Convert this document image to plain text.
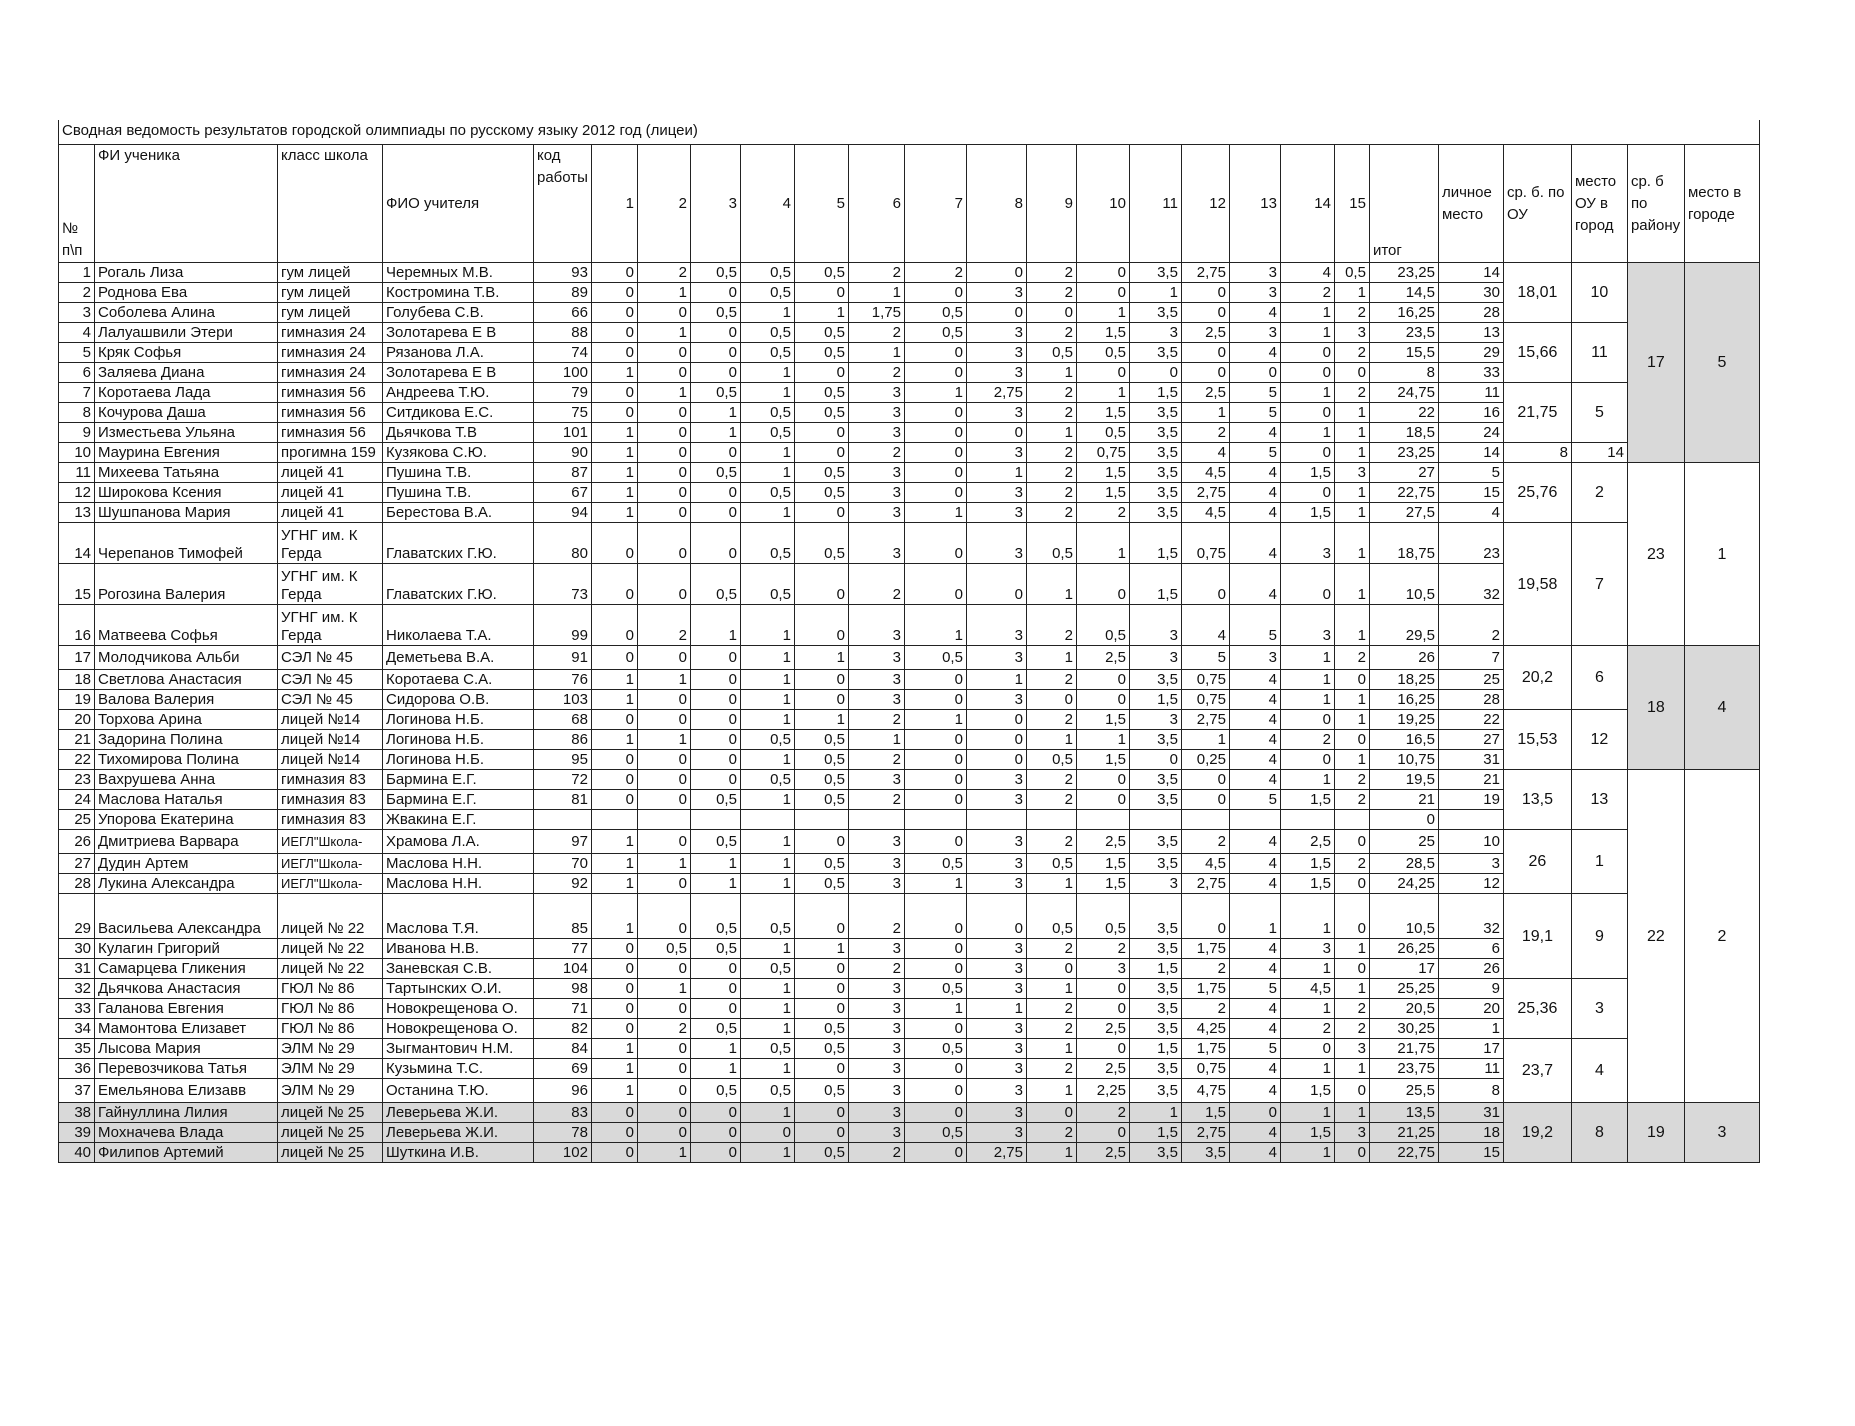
Сводная ведомость результатов городской олимпиады по русскому языку 2012 год (лицеи)																									
№ п\п	ФИ ученика	класс школа	ФИО учителя	код работы	1	2	3	4	5	6	7	8	9	10	11	12	13	14	15	итог	личное место	ср. б. по ОУ	место ОУ в город	ср. б по району	место в городе
1	Рогаль Лиза	гум лицей	Черемных М.В.	93	0	2	0,5	0,5	0,5	2	2	0	2	0	3,5	2,75	3	4	0,5	23,25	14	18,01	10	17	5
2	Роднова Ева	гум лицей	Костромина Т.В.	89	0	1	0	0,5	0	1	0	3	2	0	1	0	3	2	1	14,5	30				
3	Соболева Алина	гум лицей	Голубева С.В.	66	0	0	0,5	1	1	1,75	0,5	0	0	1	3,5	0	4	1	2	16,25	28				
4	Лалуашвили Этери	гимназия 24	Золотарева Е В	88	0	1	0	0,5	0,5	2	0,5	3	2	1,5	3	2,5	3	1	3	23,5	13	15,66	11		
5	Кряк Софья	гимназия 24	Рязанова Л.А.	74	0	0	0	0,5	0,5	1	0	3	0,5	0,5	3,5	0	4	0	2	15,5	29				
6	Заляева Диана	гимназия 24	Золотарева Е В	100	1	0	0	1	0	2	0	3	1	0	0	0	0	0	0	8	33				
7	Коротаева Лада	гимназия 56	Андреева Т.Ю.	79	0	1	0,5	1	0,5	3	1	2,75	2	1	1,5	2,5	5	1	2	24,75	11	21,75	5		
8	Кочурова Даша	гимназия 56	Ситдикова Е.С.	75	0	0	1	0,5	0,5	3	0	3	2	1,5	3,5	1	5	0	1	22	16				
9	Изместьева Ульяна	гимназия 56	Дьячкова Т.В	101	1	0	1	0,5	0	3	0	0	1	0,5	3,5	2	4	1	1	18,5	24				
10	Маурина Евгения	прогимна 159	Кузякова С.Ю.	90	1	0	0	1	0	2	0	3	2	0,75	3,5	4	5	0	1	23,25	14	8	14		
11	Михеева Татьяна	лицей 41	Пушина Т.В.	87	1	0	0,5	1	0,5	3	0	1	2	1,5	3,5	4,5	4	1,5	3	27	5	25,76	2	23	1
12	Широкова Ксения	лицей 41	Пушина Т.В.	67	1	0	0	0,5	0,5	3	0	3	2	1,5	3,5	2,75	4	0	1	22,75	15				
13	Шушпанова Мария	лицей 41	Берестова В.А.	94	1	0	0	1	0	3	1	3	2	2	3,5	4,5	4	1,5	1	27,5	4				
14	Черепанов Тимофей	УГНГ им. К Герда	Главатских Г.Ю.	80	0	0	0	0,5	0,5	3	0	3	0,5	1	1,5	0,75	4	3	1	18,75	23	19,58	7		
15	Рогозина Валерия	УГНГ им. К Герда	Главатских Г.Ю.	73	0	0	0,5	0,5	0	2	0	0	1	0	1,5	0	4	0	1	10,5	32				
16	Матвеева Софья	УГНГ им. К Герда	Николаева Т.А.	99	0	2	1	1	0	3	1	3	2	0,5	3	4	5	3	1	29,5	2				
17	Молодчикова Альби	СЭЛ № 45	Деметьева В.А.	91	0	0	0	1	1	3	0,5	3	1	2,5	3	5	3	1	2	26	7	20,2	6	18	4
18	Светлова Анастасия	СЭЛ № 45	Коротаева С.А.	76	1	1	0	1	0	3	0	1	2	0	3,5	0,75	4	1	0	18,25	25				
19	Валова Валерия	СЭЛ № 45	Сидорова О.В.	103	1	0	0	1	0	3	0	3	0	0	1,5	0,75	4	1	1	16,25	28				
20	Торхова Арина	лицей №14	Логинова Н.Б.	68	0	0	0	1	1	2	1	0	2	1,5	3	2,75	4	0	1	19,25	22	15,53	12		
21	Задорина Полина	лицей №14	Логинова Н.Б.	86	1	1	0	0,5	0,5	1	0	0	1	1	3,5	1	4	2	0	16,5	27				
22	Тихомирова Полина	лицей №14	Логинова Н.Б.	95	0	0	0	1	0,5	2	0	0	0,5	1,5	0	0,25	4	0	1	10,75	31				
23	Вахрушева Анна	гимназия 83	Бармина Е.Г.	72	0	0	0	0,5	0,5	3	0	3	2	0	3,5	0	4	1	2	19,5	21	13,5	13	22	2
24	Маслова Наталья	гимназия 83	Бармина Е.Г.	81	0	0	0,5	1	0,5	2	0	3	2	0	3,5	0	5	1,5	2	21	19				
25	Упорова Екатерина	гимназия 83	Жвакина Е.Г.																	0					
26	Дмитриева Варвара	ИЕГЛ"Школа-	Храмова Л.А.	97	1	0	0,5	1	0	3	0	3	2	2,5	3,5	2	4	2,5	0	25	10	26	1		
27	Дудин Артем	ИЕГЛ"Школа-	Маслова Н.Н.	70	1	1	1	1	0,5	3	0,5	3	0,5	1,5	3,5	4,5	4	1,5	2	28,5	3				
28	Лукина Александра	ИЕГЛ"Школа-	Маслова Н.Н.	92	1	0	1	1	0,5	3	1	3	1	1,5	3	2,75	4	1,5	0	24,25	12				
29	Васильева Александра	лицей № 22	Маслова Т.Я.	85	1	0	0,5	0,5	0	2	0	0	0,5	0,5	3,5	0	1	1	0	10,5	32	19,1	9		
30	Кулагин Григорий	лицей № 22	Иванова Н.В.	77	0	0,5	0,5	1	1	3	0	3	2	2	3,5	1,75	4	3	1	26,25	6				
31	Самарцева Гликения	лицей № 22	Заневская С.В.	104	0	0	0	0,5	0	2	0	3	0	3	1,5	2	4	1	0	17	26				
32	Дьячкова Анастасия	ГЮЛ № 86	Тартынских О.И.	98	0	1	0	1	0	3	0,5	3	1	0	3,5	1,75	5	4,5	1	25,25	9	25,36	3		
33	Галанова Евгения	ГЮЛ № 86	Новокрещенова О.	71	0	0	0	1	0	3	1	1	2	0	3,5	2	4	1	2	20,5	20				
34	Мамонтова Елизавет	ГЮЛ № 86	Новокрещенова О.	82	0	2	0,5	1	0,5	3	0	3	2	2,5	3,5	4,25	4	2	2	30,25	1				
35	Лысова Мария	ЭЛМ № 29	Зыгмантович Н.М.	84	1	0	1	0,5	0,5	3	0,5	3	1	0	1,5	1,75	5	0	3	21,75	17	23,7	4		
36	Перевозчикова Татья	ЭЛМ № 29	Кузьмина Т.С.	69	1	0	1	1	0	3	0	3	2	2,5	3,5	0,75	4	1	1	23,75	11				
37	Емельянова Елизавв	ЭЛМ № 29	Останина Т.Ю.	96	1	0	0,5	0,5	0,5	3	0	3	1	2,25	3,5	4,75	4	1,5	0	25,5	8				
38	Гайнуллина Лилия	лицей № 25	Леверьева Ж.И.	83	0	0	0	1	0	3	0	3	0	2	1	1,5	0	1	1	13,5	31	19,2	8	19	3
39	Мохначева Влада	лицей № 25	Леверьева Ж.И.	78	0	0	0	0	0	3	0,5	3	2	0	1,5	2,75	4	1,5	3	21,25	18				
40	Филипов Артемий	лицей № 25	Шуткина И.В.	102	0	1	0	1	0,5	2	0	2,75	1	2,5	3,5	3,5	4	1	0	22,75	15				
